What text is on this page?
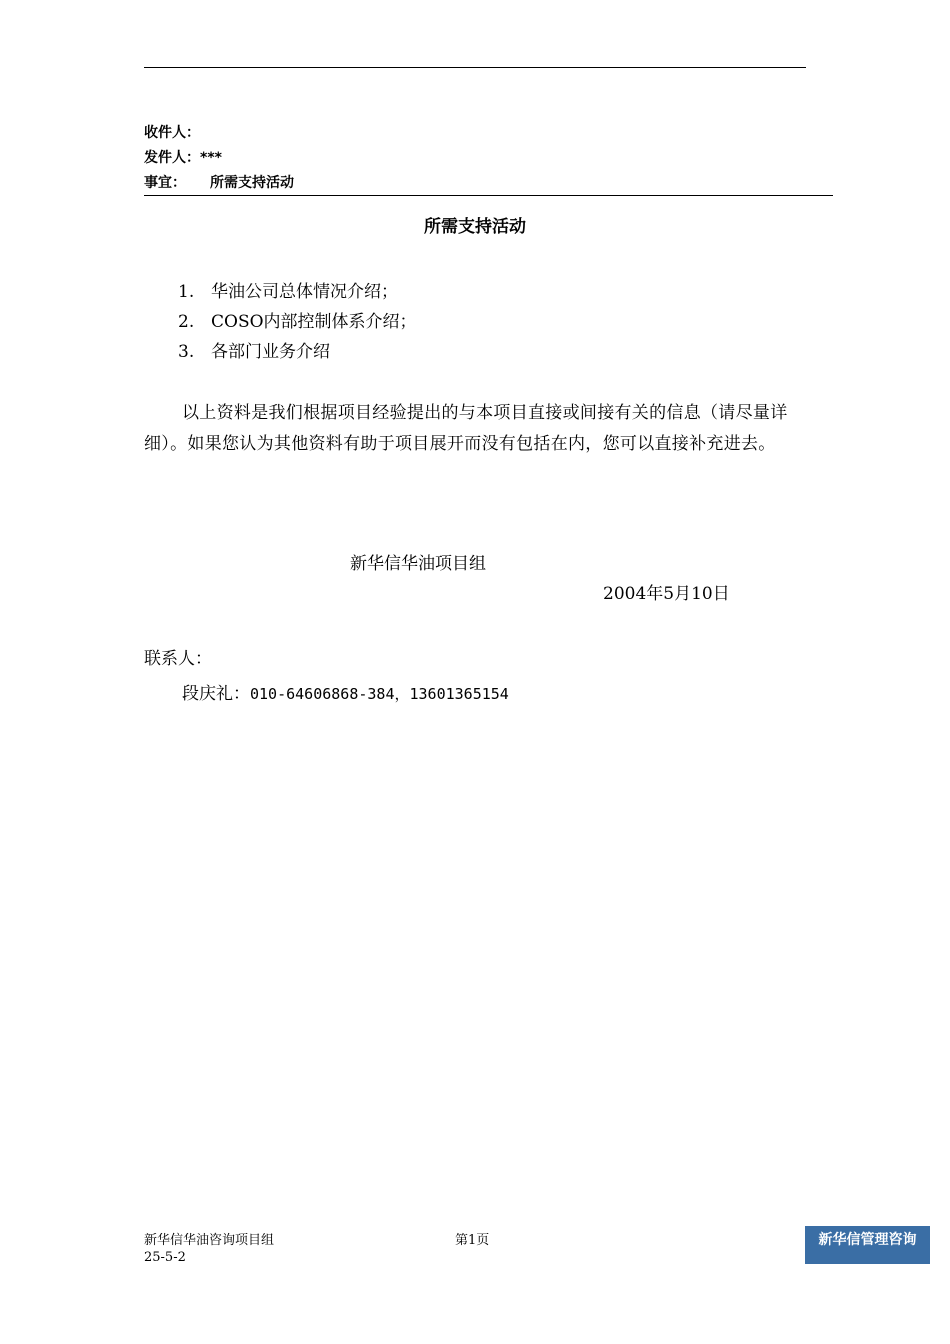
收件人：
发件人：***
事宜： 所需支持活动
所需支持活动
1. 华油公司总体情况介绍；
2. COSO内部控制体系介绍；
3. 各部门业务介绍
以上资料是我们根据项目经验提出的与本项目直接或间接有关的信息（请尽量详细）。如果您认为其他资料有助于项目展开而没有包括在内，您可以直接补充进去。
新华信华油项目组
2004年5月10日
联系人：
段庆礼：010-64606868-384，13601365154
新华信华油咨询项目组
25-5-2
第1页	新华信管理咨询
